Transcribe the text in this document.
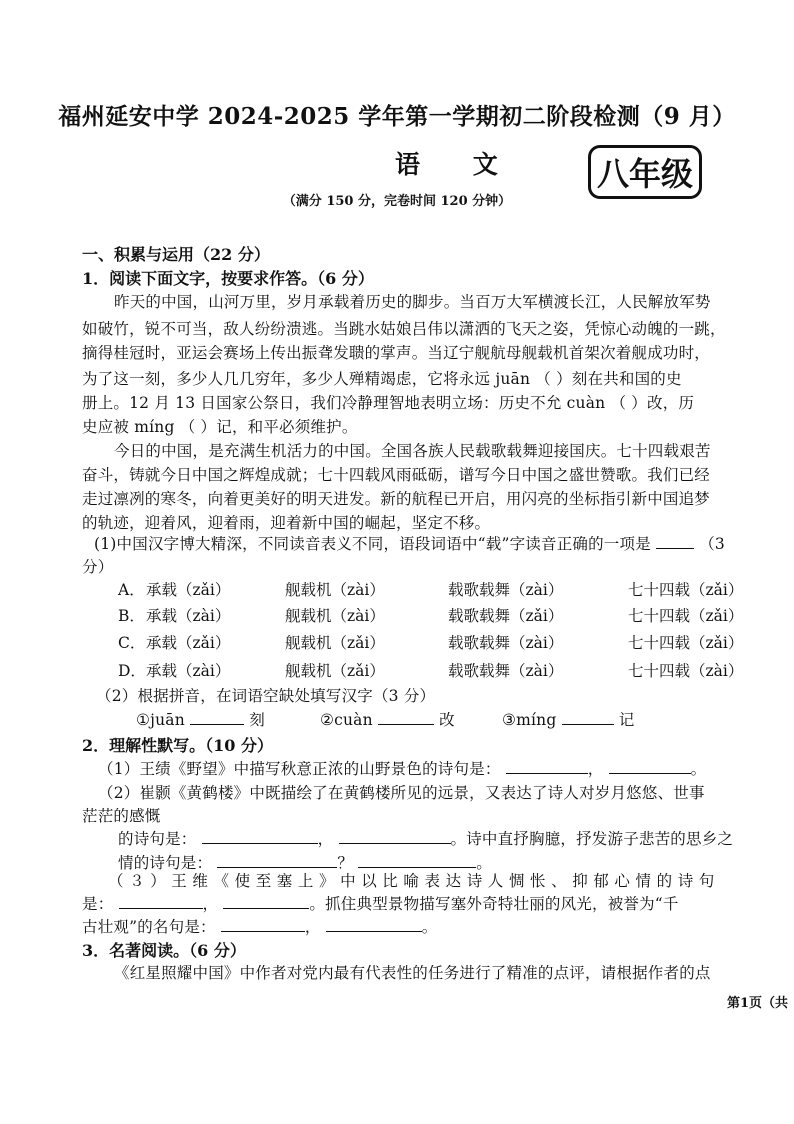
福州延安中学 2024-2025 学年第一学期初二阶段检测（9 月）
语 文 八年级
（满分 150 分，完卷时间 120 分钟）
一、积累与运用（22 分）
1．阅读下面文字，按要求作答。（6 分）
昨天的中国，山河万里，岁月承载着历史的脚步。当百万大军横渡长江，人民解放军势
如破竹，锐不可当，敌人纷纷溃逃。当跳水姑娘吕伟以潇洒的飞天之姿，凭惊心动魄的一跳，
摘得桂冠时，亚运会赛场上传出振聋发聩的掌声。当辽宁舰航母舰载机首架次着舰成功时，
为了这一刻，多少人几几穷年，多少人殚精竭虑，它将永远 juān （ ）刻在共和国的史
册上。12 月 13 日国家公祭日，我们冷静理智地表明立场：历史不允 cuàn （ ）改，历
史应被 míng （ ）记，和平必须维护。
今日的中国，是充满生机活力的中国。全国各族人民载歌载舞迎接国庆。七十四载艰苦
奋斗，铸就今日中国之辉煌成就；七十四载风雨砥砺，谱写今日中国之盛世赞歌。我们已经
走过凛冽的寒冬，向着更美好的明天进发。新的航程已开启，用闪亮的坐标指引新中国追梦
的轨迹，迎着风，迎着雨，迎着新中国的崛起，坚定不移。
(1)中国汉字博大精深，不同读音表义不同，语段词语中“载”字读音正确的一项是	（3
分）
A． 承载（zǎi）	舰载机（zài）	载歌载舞（zài）	七十四载（zǎi）
B． 承载（zài）	舰载机（zài）	载歌载舞（zǎi）	七十四载（zǎi）
C． 承载（zǎi）	舰载机（zǎi）	载歌载舞（zài）	七十四载（zǎi）
D． 承载（zài）	舰载机（zǎi）	载歌载舞（zài）	七十四载（zài）
（2）根据拼音，在词语空缺处填写汉字（3 分）
①juān	刻	②cuàn	改	③míng	记
2．理解性默写。（10 分）
（1）王绩《野望》中描写秋意正浓的山野景色的诗句是：	，	。
（2）崔颢《黄鹤楼》中既描绘了在黄鹤楼所见的远景，又表达了诗人对岁月悠悠、世事
茫茫的感慨
的诗句是：	，	。诗中直抒胸臆，抒发游子悲苦的思乡之
情的诗句是：	？	。
（３）王维《使至塞上》中以比喻表达诗人惆怅、抑郁心情的诗句
是：	，	。抓住典型景物描写塞外奇特壮丽的风光，被誉为“千
古壮观”的名句是：	，	。
3．名著阅读。（6 分）
《红星照耀中国》中作者对党内最有代表性的任务进行了精准的点评，请根据作者的点
第1页（共
